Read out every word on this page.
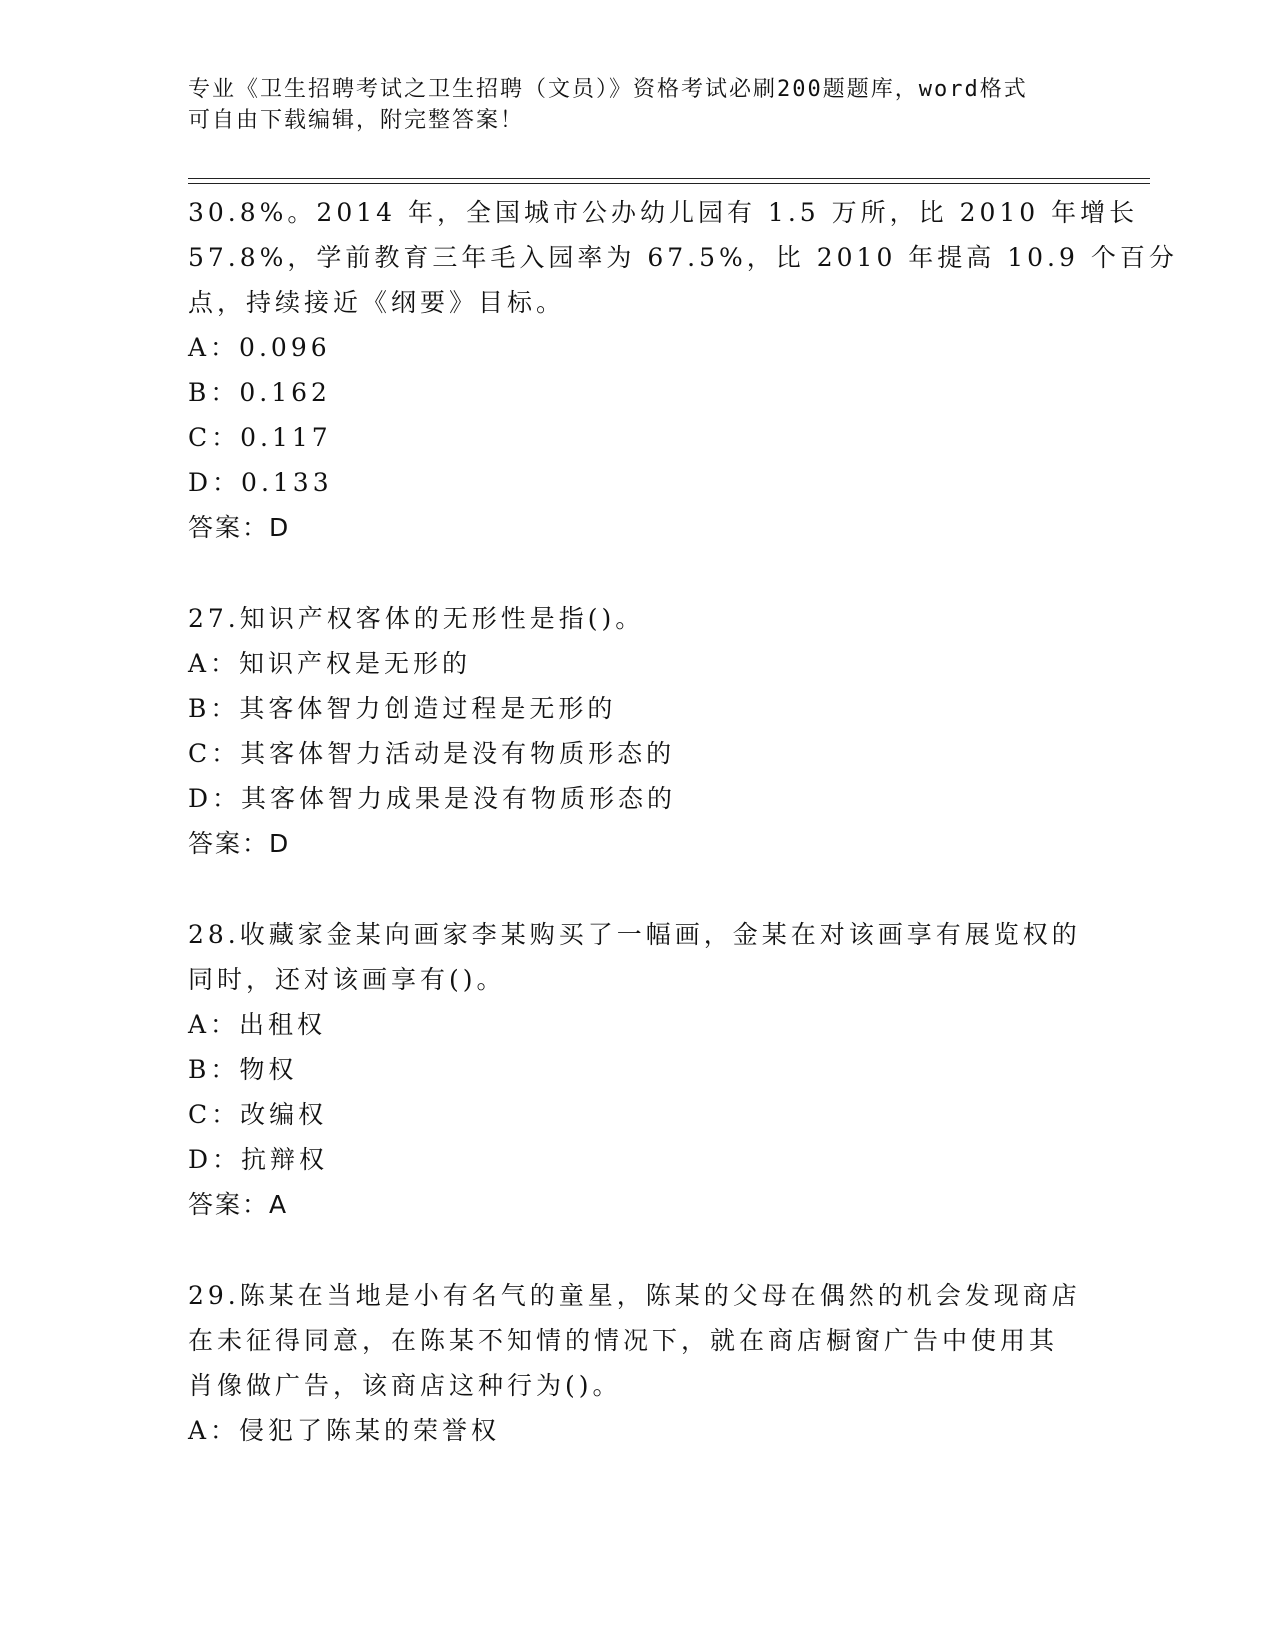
专业《卫生招聘考试之卫生招聘（文员）》资格考试必刷200题题库，word格式
可自由下载编辑，附完整答案！
30.8%。2014 年，全国城市公办幼儿园有 1.5 万所，比 2010 年增长
57.8%，学前教育三年毛入园率为 67.5%，比 2010 年提高 10.9 个百分
点，持续接近《纲要》目标。
A：0.096
B：0.162
C：0.117
D：0.133
答案：D
27.知识产权客体的无形性是指()。
A：知识产权是无形的
B：其客体智力创造过程是无形的
C：其客体智力活动是没有物质形态的
D：其客体智力成果是没有物质形态的
答案：D
28.收藏家金某向画家李某购买了一幅画，金某在对该画享有展览权的
同时，还对该画享有()。
A：出租权
B：物权
C：改编权
D：抗辩权
答案：A
29.陈某在当地是小有名气的童星，陈某的父母在偶然的机会发现商店
在未征得同意，在陈某不知情的情况下，就在商店橱窗广告中使用其
肖像做广告，该商店这种行为()。
A：侵犯了陈某的荣誉权
